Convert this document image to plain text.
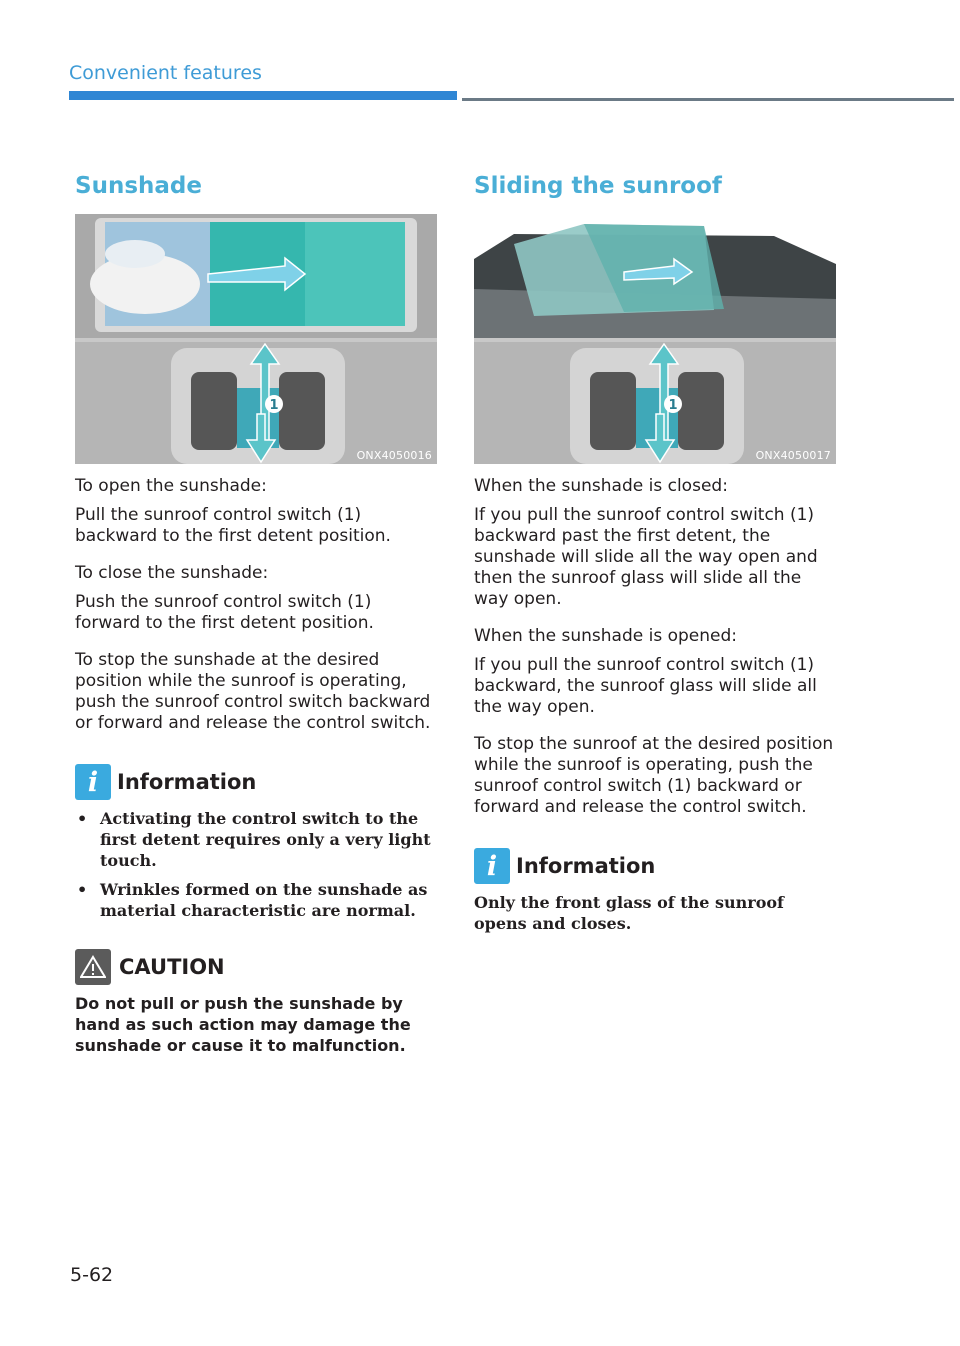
Convenient features
Sunshade
1
ONX4050016

To open the sunshade:

Pull the sunroof control switch (1) backward to the first detent position.

To close the sunshade:

Push the sunroof control switch (1) forward to the first detent position.

To stop the sunshade at the desired position while the sunroof is operating, push the sunroof control switch backward or forward and release the control switch.

i Information
• Activating the control switch to the first detent requires only a very light touch.
• Wrinkles formed on the sunshade as material characteristic are normal.
CAUTION

Do not pull or push the sunshade by hand as such action may damage the sunshade or cause it to malfunction.

Sliding the sunroof
1
ONX4050017

When the sunshade is closed:

If you pull the sunroof control switch (1) backward past the first detent, the sunshade will slide all the way open and then the sunroof glass will slide all the way open.

When the sunshade is opened:

If you pull the sunroof control switch (1) backward, the sunroof glass will slide all the way open.

To stop the sunroof at the desired position while the sunroof is operating, push the sunroof control switch (1) backward or forward and release the control switch.

i Information

Only the front glass of the sunroof opens and closes.

5-62
